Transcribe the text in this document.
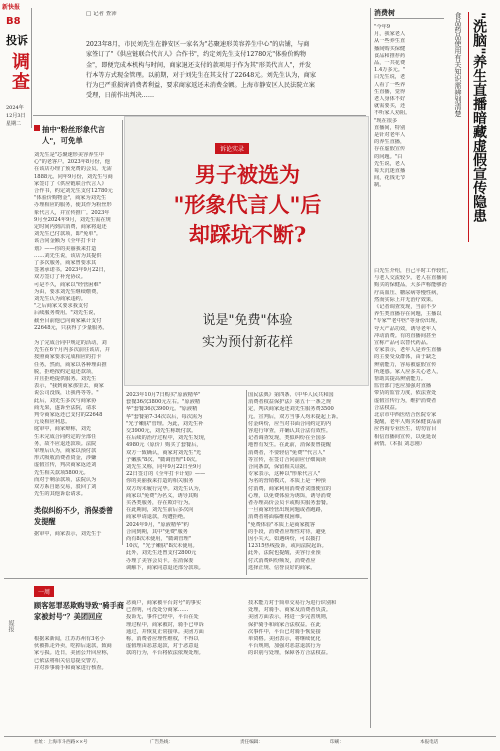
新快报
B8
投诉
调查
2024年
12月3日
星期二
□ 记者 查沛
2023年8月，市民刘先生在静安区一家名为"芯聚速形美容养生中心"的店铺，与商
家签订了"《供应链联合代言人》合作书"，约定刘先生支付12780元"体验价购物
金"，即便完成本机构与时间，商家退还支付的款项用于作为其"形美代言人"，并发
行本等方式现金管理。以前期，对于刘先生在其支付了22648元。刘先生认为，商家
行为已严重损害消费者利益，要求商家返还未消费金额。上海市静安区人民法院立案
受理，日前作出判决……
抽中"粉丝形象代言人"，可免单
刘先生是"芯聚速形美容养生中
心"的老客户。2023年8月份，他
在该店办理了预充费的会员。无需
1888元。同年9月份，刘先生与商
家签订了《供应链联合代言人》
合作书，约定刘先生支付12780元
"体验价购物金"，商家为刘先生
办理相应的服务，使其作为粉丝形
象代言人，并宣传推广。2023年
9月至2024年9月，刘先生需在规
定时间内到店消费，商家将退还
刘先生已付款项，即"免单"。
该合同金额为《全年打卡计
划》——你的美丽我来打造
……刘先生说，该店为其提供
了多次服务，商家曾要求其
签署承诺书。2023年9月22日，
双方签订了补充协议。
可是不久，商家以"经营困难"
为由，要求刘先生继续缴费，
刘先生认为商家违约。
"之后商家又要求我支付
后续服务费用。"刘先生说，
截至目前他已向商家累计支付
22648元，只获得了少量服务。
为了完成合同中规定的活动，刘
先生在6个月内多次前往该店，并
按照商家要求完成相应的打卡
任务。然而，商家以各种理由推
脱，拒绝按约定退还款项，
并且拒绝提供服务。刘先生
表示，"我到商家那里去，商家
说公司没钱，让我再等等。"
此后，刘先生多次与商家协
商无果，遂诉至法院，请求
判令商家返还已支付的22648
元及相应利息。
庭审中，商家辩称，刘先
生未完成合同约定的全部任
务，故不应退还款项。法院
审理后认为，商家以预付款
形式吸收消费者资金，涉嫌
虚假宣传，判决商家返还刘
先生相关款项5800元。
而对于剩余款项，法院认为
双方系自愿交易，驳回了刘
先生的其他诉讼请求。
类似纠纷不少，消保委曾发提醒
据审中，商家表示，刘先生于
诉论实录
男子被选为
"形象代言人"后
却踩坑不断?
说是"免费"体验
实为预付新花样
2023年10月7日购买"原液精华"
套餐36次3800元左右。"原液精
华"套餐36次3900元。"原液精
华"套餐第7-34次以后，每次需为
"光子嫩肤"管理。为此，刘先生补
交3900元，刘先生称既付款。
在后续的治疗过程中，刘先生发现，
4980元（原价）购买了套餐后，
双方一致确认，商家对刘先生"光
子嫩肤"8次、"微调管理"10次。
刘先生又称，同年9月22日至9月
22日签订的《全年打卡计划》——
你的美丽我来打造的相关服务
双方均未履行完毕。刘先生认为，
商家以"免费"为名义，诱导其购
买各类服务，存在欺诈行为。
在此期间，刘先生前后多次向
商家申请退款，均遭拒绝。
2024年9月，"原液精华"约
合同到期，其中"免费"服务
尚有8次未使用，"微调管理"
10次，"光子嫩肤"8次未使用。
此外，刘先生还曾支付2800元
办理了美容会员卡。在消保委
调解下，商家同意退还部分款项。
国民法典》第四条、《中华人民共和国
消费者权益保护法》第五十一条之规
定，判决商家返还刘先生服务费3500
元。宣判后，双方当事人均未提起上诉。
付金纠纷，应当对书面合同约定的内
容进行审查，并确认其合法有效性。
记者调查发现，类似纠纷在全国多
地曾有发生。在此前，消保委曾提醒
消费者，不要轻信"免费""代言人"
等宣传，在签订合同前应仔细阅读
合同条款，保留相关证据。
专家表示，这种以"形象代言人"
为名的营销模式，本质上是一种预
付消费，商家利用消费者贪图便宜的
心理，以免费体验为诱饵，诱导消费
者办理高价会员卡或购买服务套餐。
一旦商家经营出现问题或者跑路，
消费者将面临维权困难。
"免费体验"本质上是商家揽客
的手段，消费者应理性对待，避免
因小失大。如遇纠纷，可以拨打
12315热线投诉，或向法院起诉。
此外，法院也提醒，美容行业预
付式消费纠纷频发，消费者应
选择正规、信誉良好的商家。
消费树	"洗脑"养生直播暗藏虚假宣传隐患
食品药品使用有关知识需辨别清楚
"今年9
月，我家老人
从一些养生直
播间购买保健
食品和推荐药
品，一共花费
1.4万多元。"
白先生说，老
人看了一些养
生直播，觉得
老人身体不好
就需要买，还
不听家人劝阻。
"现在很多
直播间，特别
是针对老年人
的养生直播，
存在虚假宣传
的问题。"白
先生说，老人
每天沉迷直播
间，花钱无节
制。
白先生介绍，自己平时工作较忙，
与老人交流较少。老人在直播间
购买的保健品，大多声称能够治
疗高血压、糖尿病等慢性病，
然而实际上并无治疗效果。
《记者调查发现，当前不少
养生类直播存在问题，主播以
"专家""老中医"等身份出现，
夸大产品功效，诱导老年人
冲动消费。有的直播间甚至
宣称产品可以替代药品。
专家表示，老年人是养生直播
的主要受众群体，由于缺乏
辨别能力，容易被虚假宣传
所迷惑。家人应多关心老人，
帮助其提高辨别能力。
监管部门也应加强对直播
带货的监管力度，依法查处
虚假宣传行为，维护消费者
合法权益。
北京市中西医结合医院专家
提醒，老年人购买保健食品前
应咨询专业医生，切勿盲目
相信直播间宣传，以免延误
病情。（本报 刘志刚）
媒报
一周
顾客惩罪恶欺购导致"骑手商家被封号"？美团回应
根据来新闻，江苏苏州有3名小
伙被抓走外卖，吃掉后退款，致商
家亏损。近日，美团公开回应称，
已依法将相关信息提交警方，
并对涉事骑手和商家进行核查。
恶商户，商家被平台封号"的事实
已查明，可没处分商家……
投诉无，事件已经中，平台在处
理过程中，商家被封，骑手已申诉
通过，并恢复正常接单。美团方面
称，消费者应理性维权，不得以
虚假理由恶意退款，对于恶意退
款的行为，平台将依法依规处理。
技术能力对于简单交易行为进行识别和
处理，对骑手、商家及消费者负责。
美团方面表示，将进一步完善规则，
保护骑手和商家合法权益。在此
次事件中，平台已对骑手恢复接
单资格。美团表示，将继续优化
平台规则，加强对恶意退款行为
的识别与处理，保障各方合法权益。
社址：上海市斗西路××号	广告热线：	责任编辑：	印刷：	本报电话
